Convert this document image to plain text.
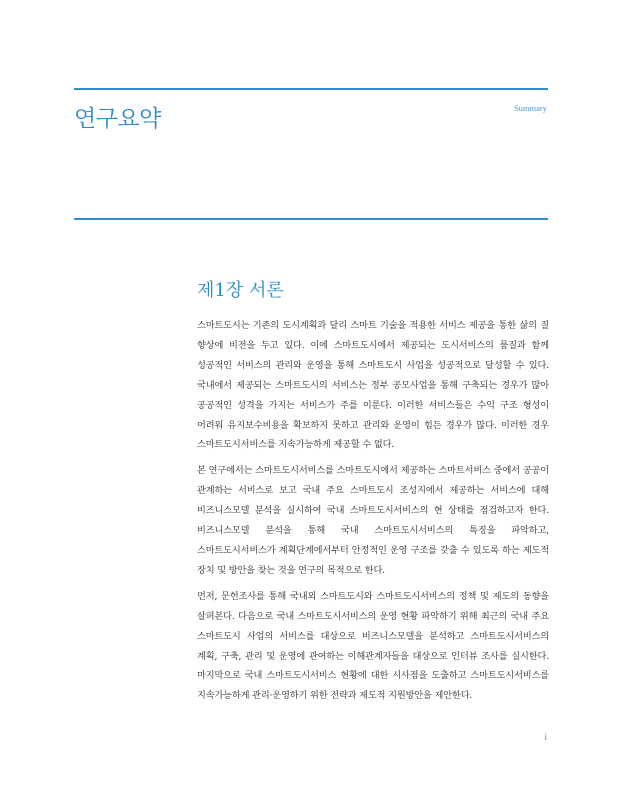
연구요약	Summary
제1장 서론

스마트도시는 기존의 도시계획과 달리 스마트 기술을 적용한 서비스 제공을 통한 삶의 질 향상에 비전을 두고 있다. 이에 스마트도시에서 제공되는 도시서비스의 품질과 함께 성공적인 서비스의 관리와 운영을 통해 스마트도시 사업을 성공적으로 달성할 수 있다. 국내에서 제공되는 스마트도시의 서비스는 정부 공모사업을 통해 구축되는 경우가 많아 공공적인 성격을 가지는 서비스가 주를 이룬다. 이러한 서비스들은 수익 구조 형성이 어려워 유지보수비용을 확보하지 못하고 관리와 운영이 힘든 경우가 많다. 이러한 경우 스마트도시서비스를 지속가능하게 제공할 수 없다.

본 연구에서는 스마트도시서비스를 스마트도시에서 제공하는 스마트서비스 중에서 공공이 관계하는 서비스로 보고 국내 주요 스마트도시 조성지에서 제공하는 서비스에 대해 비즈니스모델 분석을 실시하여 국내 스마트도시서비스의 현 상태를 점검하고자 한다. 비즈니스모델 분석을 통해 국내 스마트도시서비스의 특징을 파악하고, 스마트도시서비스가 계획단계에서부터 안정적인 운영 구조를 갖출 수 있도록 하는 제도적 장치 및 방안을 찾는 것을 연구의 목적으로 한다.

먼저, 문헌조사를 통해 국내외 스마트도시와 스마트도시서비스의 정책 및 제도의 동향을 살펴본다. 다음으로 국내 스마트도시서비스의 운영 현황 파악하기 위해 최근의 국내 주요 스마트도시 사업의 서비스를 대상으로 비즈니스모델을 분석하고 스마트도시서비스의 계획, 구축, 관리 및 운영에 관여하는 이해관계자들을 대상으로 인터뷰 조사를 실시한다. 마지막으로 국내 스마트도시서비스 현황에 대한 시사점을 도출하고 스마트도시서비스를 지속가능하게 관리·운영하기 위한 전략과 제도적 지원방안을 제안한다.

i
